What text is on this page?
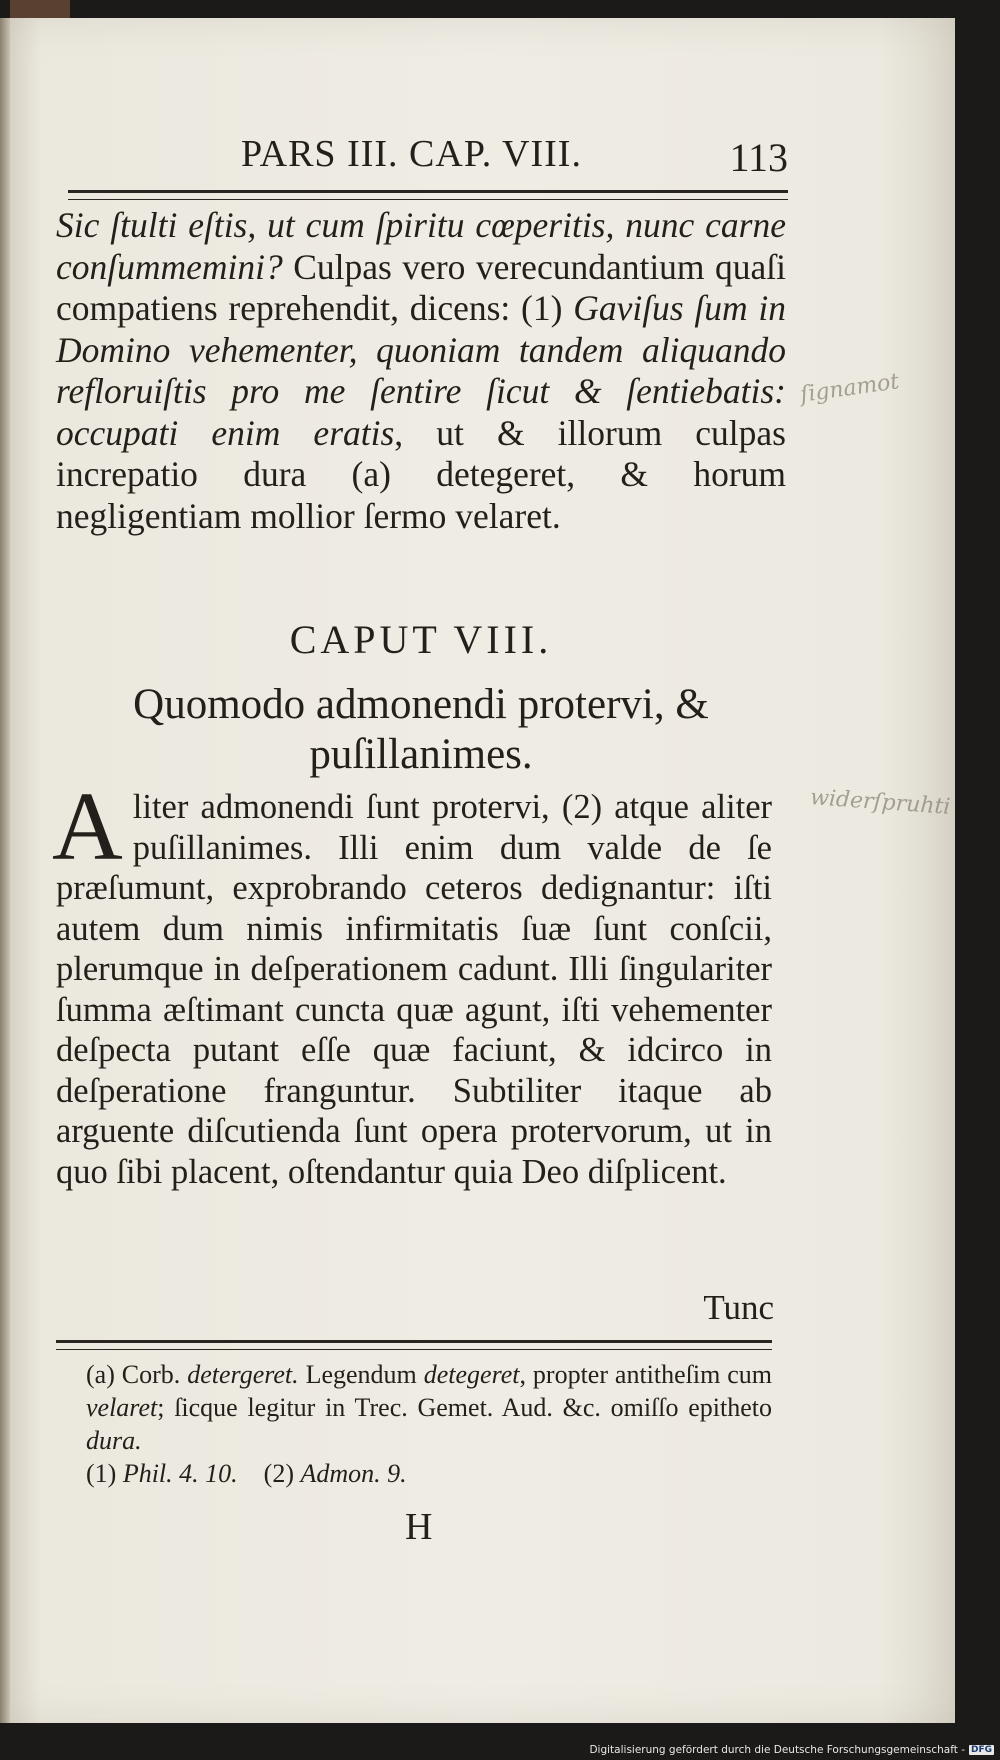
PARS III. CAP. VIII.	113

Sic ſtulti eſtis, ut cum ſpiritu cœperitis, nunc carne conſummemini? Culpas vero verecundantium quaſi compatiens reprehendit, dicens: (1) Gaviſus ſum in Domino vehementer, quoniam tandem aliquando refloruiſtis pro me ſentire ſicut & ſentiebatis: occupati enim eratis, ut & illorum culpas increpatio dura (a) detegeret, & horum negligentiam mollior ſermo velaret.

CAPUT VIII.
Quomodo admonendi protervi, & puſillanimes.
A liter admonendi ſunt protervi, (2) atque aliter puſillanimes. Illi enim dum valde de ſe præſumunt, exprobrando ceteros dedignantur: iſti autem dum nimis infirmitatis ſuæ ſunt conſcii, plerumque in deſperationem cadunt. Illi ſingulariter ſumma æſtimant cuncta quæ agunt, iſti vehementer deſpecta putant eſſe quæ faciunt, & idcirco in deſperatione franguntur. Subtiliter itaque ab arguente diſcutienda ſunt opera protervorum, ut in quo ſibi placent, oſtendantur quia Deo diſplicent.
Tunc

(a) Corb. detergeret. Legendum detegeret, propter antitheſim cum velaret; ſicque legitur in Trec. Gemet. Aud. &c. omiſſo epitheto dura.

(1) Phil. 4. 10. (2) Admon. 9.

H
ſignamot
widerſpruhti
Digitalisierung gefördert durch die Deutsche Forschungsgemeinschaft - DFG
